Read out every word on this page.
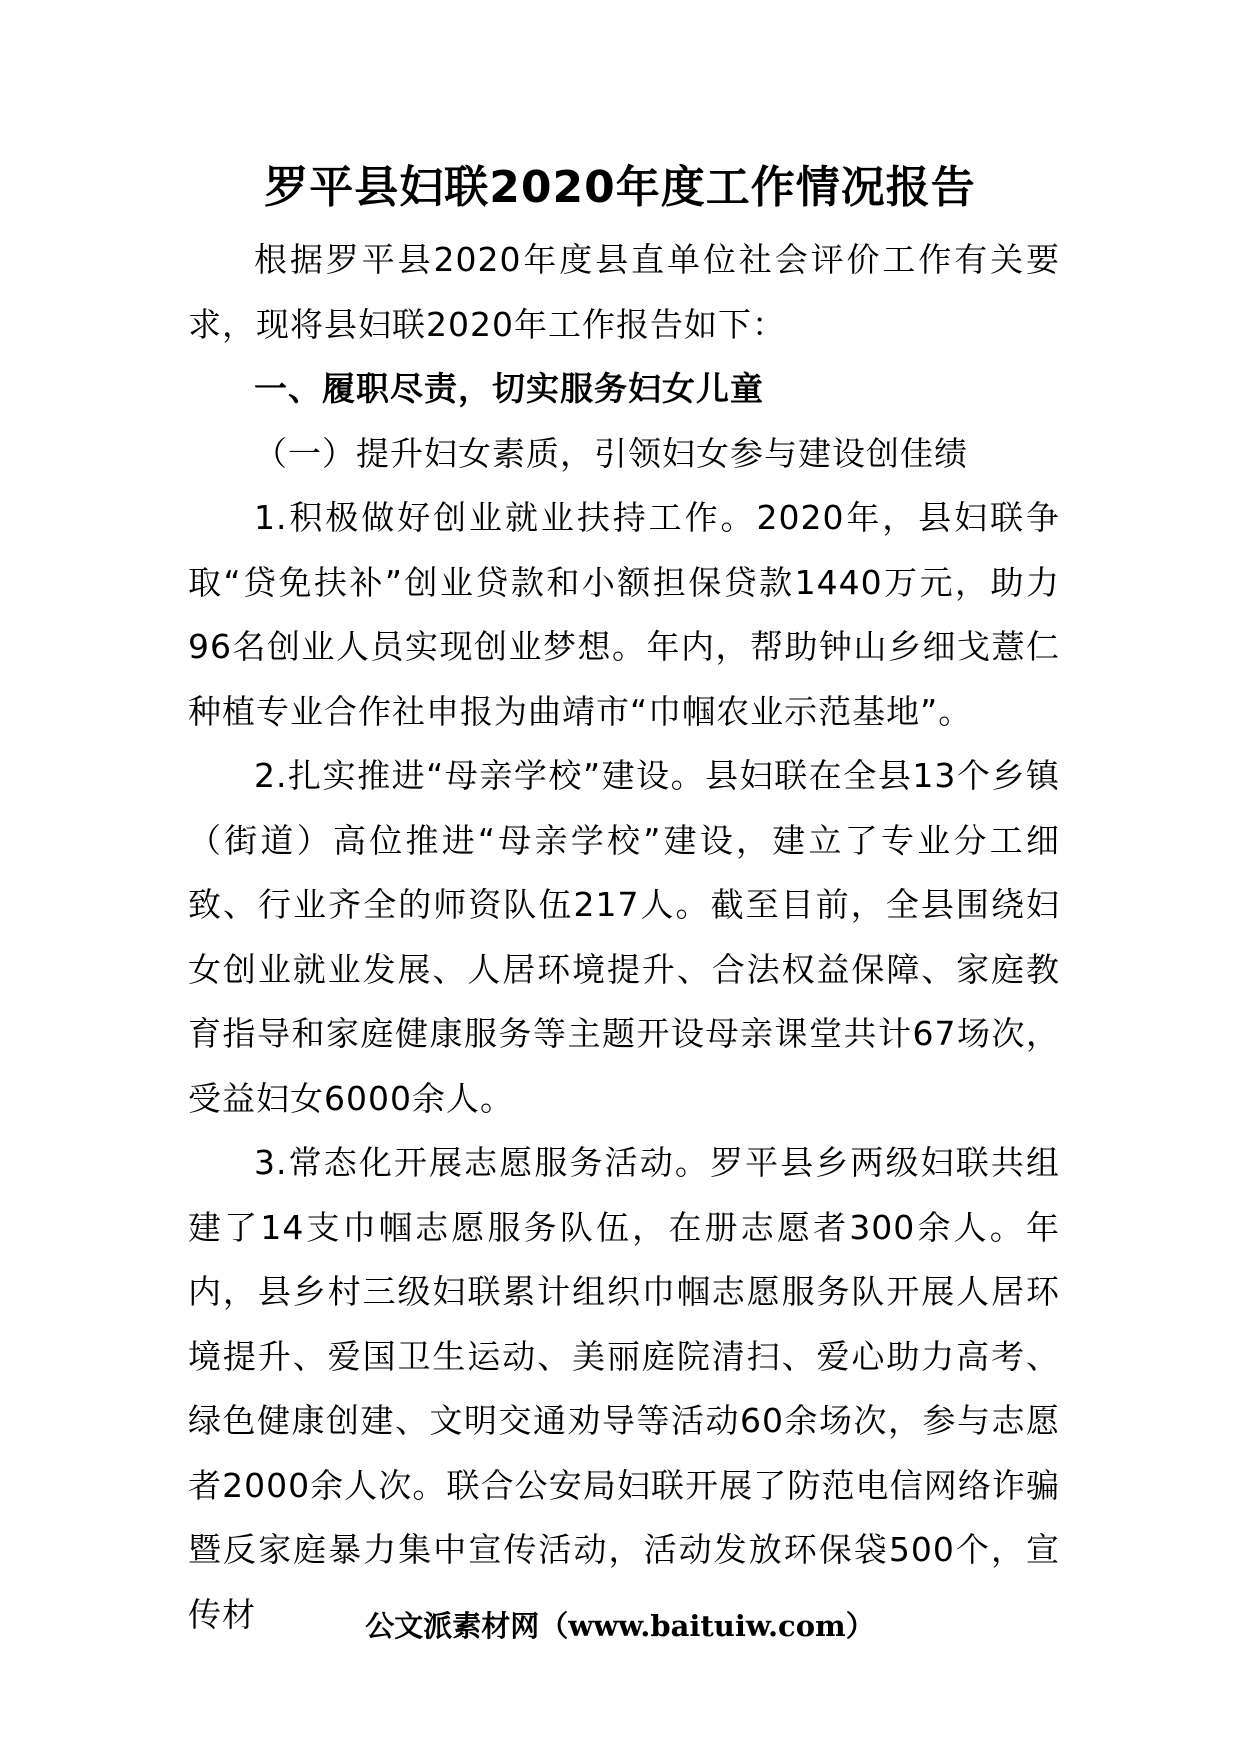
罗平县妇联2020年度工作情况报告

根据罗平县2020年度县直单位社会评价工作有关要求，现将县妇联2020年工作报告如下：

一、履职尽责，切实服务妇女儿童

（一）提升妇女素质，引领妇女参与建设创佳绩

1.积极做好创业就业扶持工作。2020年，县妇联争取“贷免扶补”创业贷款和小额担保贷款1440万元，助力96名创业人员实现创业梦想。年内，帮助钟山乡细戈薏仁种植专业合作社申报为曲靖市“巾帼农业示范基地”。

2.扎实推进“母亲学校”建设。县妇联在全县13个乡镇（街道）高位推进“母亲学校”建设，建立了专业分工细致、行业齐全的师资队伍217人。截至目前，全县围绕妇女创业就业发展、人居环境提升、合法权益保障、家庭教育指导和家庭健康服务等主题开设母亲课堂共计67场次，受益妇女6000余人。

3.常态化开展志愿服务活动。罗平县乡两级妇联共组建了14支巾帼志愿服务队伍，在册志愿者300余人。年内，县乡村三级妇联累计组织巾帼志愿服务队开展人居环境提升、爱国卫生运动、美丽庭院清扫、爱心助力高考、绿色健康创建、文明交通劝导等活动60余场次，参与志愿者2000余人次。联合公安局妇联开展了防范电信网络诈骗暨反家庭暴力集中宣传活动，活动发放环保袋500个，宣传材	公文派素材网（www.baituiw.com）
